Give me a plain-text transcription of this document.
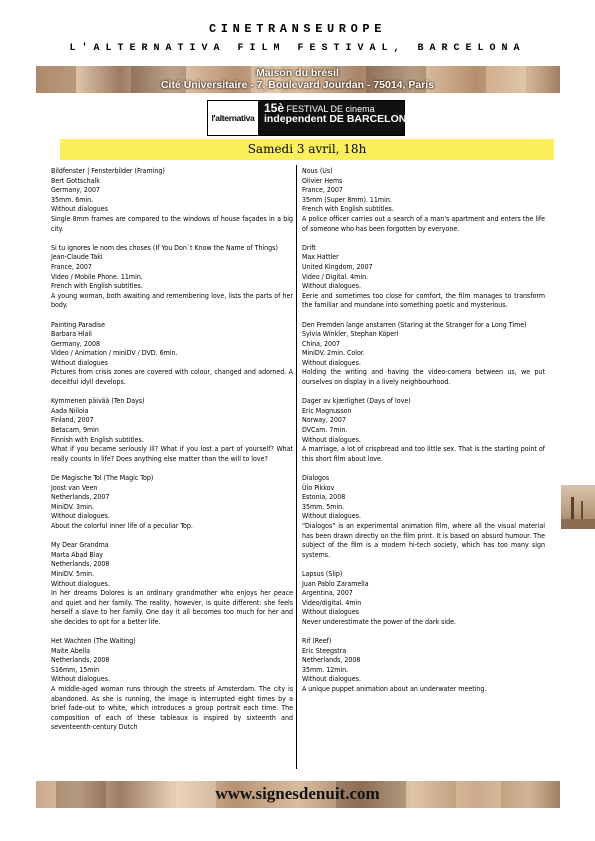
CINETRANSEUROPE
L'ALTERNATIVA FILM FESTIVAL, BARCELONA
Maison du brésil
Cité Universitaire - 7, Boulevard Jourdan - 75014, Paris
l'alternativa
15è FESTIVAL DE cinema
independent DE BARCELONA
Samedi 3 avril, 18h

Bildfenster | Fensterbilder (Framing)

Bert Gottschalk

Germany, 2007

35mm. 6min.

Without dialogues

Single 8mm frames are compared to the windows of house façades in a big city.

Si tu ignores le nom des choses (If You Don`t Know the Name of Things)

Jean-Claude Taki

France, 2007

Video / Mobile Phone. 11min.

French with English subtitles.

A young woman, both awaiting and remembering love, lists the parts of her body.

Painting Paradise

Barbara Hlali

Germany, 2008

Video / Animation / miniDV / DVD. 6min.

Without dialogues

Pictures from crisis zones are covered with colour, changed and adorned. A deceitful idyll develops.

Kymmenen päivää (Ten Days)

Aada Niiloia

Finland, 2007

Betacam, 9min

Finnish with English subtitles.

What if you became seriously ill? What if you lost a part of yourself? What really counts in life? Does anything else matter than the will to love?

De Magische Tol (The Magic Top)

Joost van Veen

Netherlands, 2007

MiniDV. 3min.

Without dialogues.

About the colorful inner life of a peculiar Top.

My Dear Grandma

Marta Abad Blay

Netherlands, 2008

MiniDV. 5min.

Without dialogues.

In her dreams Dolores is an ordinary grandmother who enjoys her peace and quiet and her family. The reality, however, is quite different: she feels herself a slave to her family. One day it all becomes too much for her and she decides to opt for a better life.

Het Wachten (The Waiting)

Maite Abella

Netherlands, 2008

S16mm, 15min

Without dialogues.

A middle-aged woman runs through the streets of Amsterdam. The city is abandoned. As she is running, the image is interrupted eight times by a brief fade-out to white, which introduces a group portrait each time. The composition of each of these tableaux is inspired by sixteenth and seventeenth-century Dutch

Nous (Us)

Olivier Hems

France, 2007

35mm (Super 8mm). 11min.

French with English subtitles.

A police officer carries out a search of a man's apartment and enters the life of someone who has been forgotten by everyone.

Drift

Max Hattler

United Kingdom, 2007

Video / Digital. 4min.

Without dialogues.

Eerie and sometimes too close for comfort, the film manages to transform the familiar and mundane into something poetic and mysterious.

Den Fremden lange anstarren (Staring at the Stranger for a Long Time)

Sylvia Winkler, Stephan Köperl

China, 2007

MiniDV. 2min. Color.

Without dialogues.

Holding the writing and having the video-camera between us, we put ourselves on display in a lively neighbourhood.

Dager av kjærlighet (Days of love)

Eric Magnusson

Norway, 2007

DVCam. 7min.

Without dialogues.

A marriage, a lot of crispbread and too little sex. That is the starting point of this short film about love.

Dialogos

Ülo Pikkov

Estonia, 2008

35mm. 5min.

Without dialogues.

“Dialogos” is an experimental animation film, where all the visual material has been drawn directly on the film print. It is based on absurd humour. The subject of the film is a modern hi-tech society, which has too many sign systems.

Lapsus (Slip)

Juan Pablo Zaramella

Argentina, 2007

Video/digital. 4min

Without dialogues

Never underestimate the power of the dark side.

Rif (Reef)

Eric Steegstra

Netherlands, 2008

35mm. 12min.

Without dialogues.

A unique puppet animation about an underwater meeting.

www.signesdenuit.com
